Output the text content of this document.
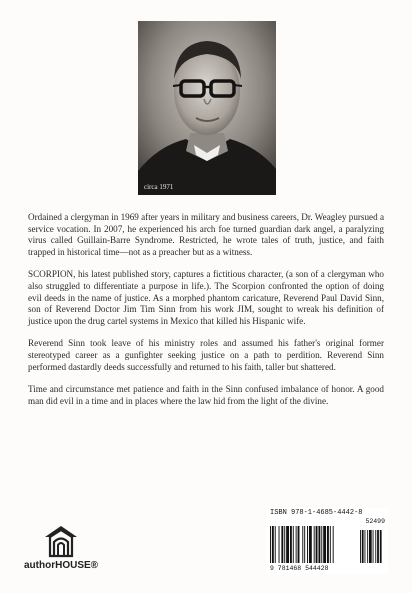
circa 1971

Ordained a clergyman in 1969 after years in military and business careers, Dr. Weagley pursued a service vocation. In 2007, he experienced his arch foe turned guardian dark angel, a paralyzing virus called Guillain-Barre Syndrome. Restricted, he wrote tales of truth, justice, and faith trapped in historical time—not as a preacher but as a witness.

SCORPION, his latest published story, captures a fictitious character, (a son of a clergyman who also struggled to differentiate a purpose in life.). The Scorpion confronted the option of doing evil deeds in the name of justice. As a morphed phantom caricature, Reverend Paul David Sinn, son of Reverend Doctor Jim Tim Sinn from his work JIM, sought to wreak his definition of justice upon the drug cartel systems in Mexico that killed his Hispanic wife.

Reverend Sinn took leave of his ministry roles and assumed his father's original former stereotyped career as a gunfighter seeking justice on a path to perdition. Reverend Sinn performed dastardly deeds successfully and returned to his faith, taller but shattered.

Time and circumstance met patience and faith in the Sinn confused imbalance of honor. A good man did evil in a time and in places where the law hid from the light of the divine.

authorHOUSE®
ISBN 978-1-4685-4442-8
52499
9 781468 544428
